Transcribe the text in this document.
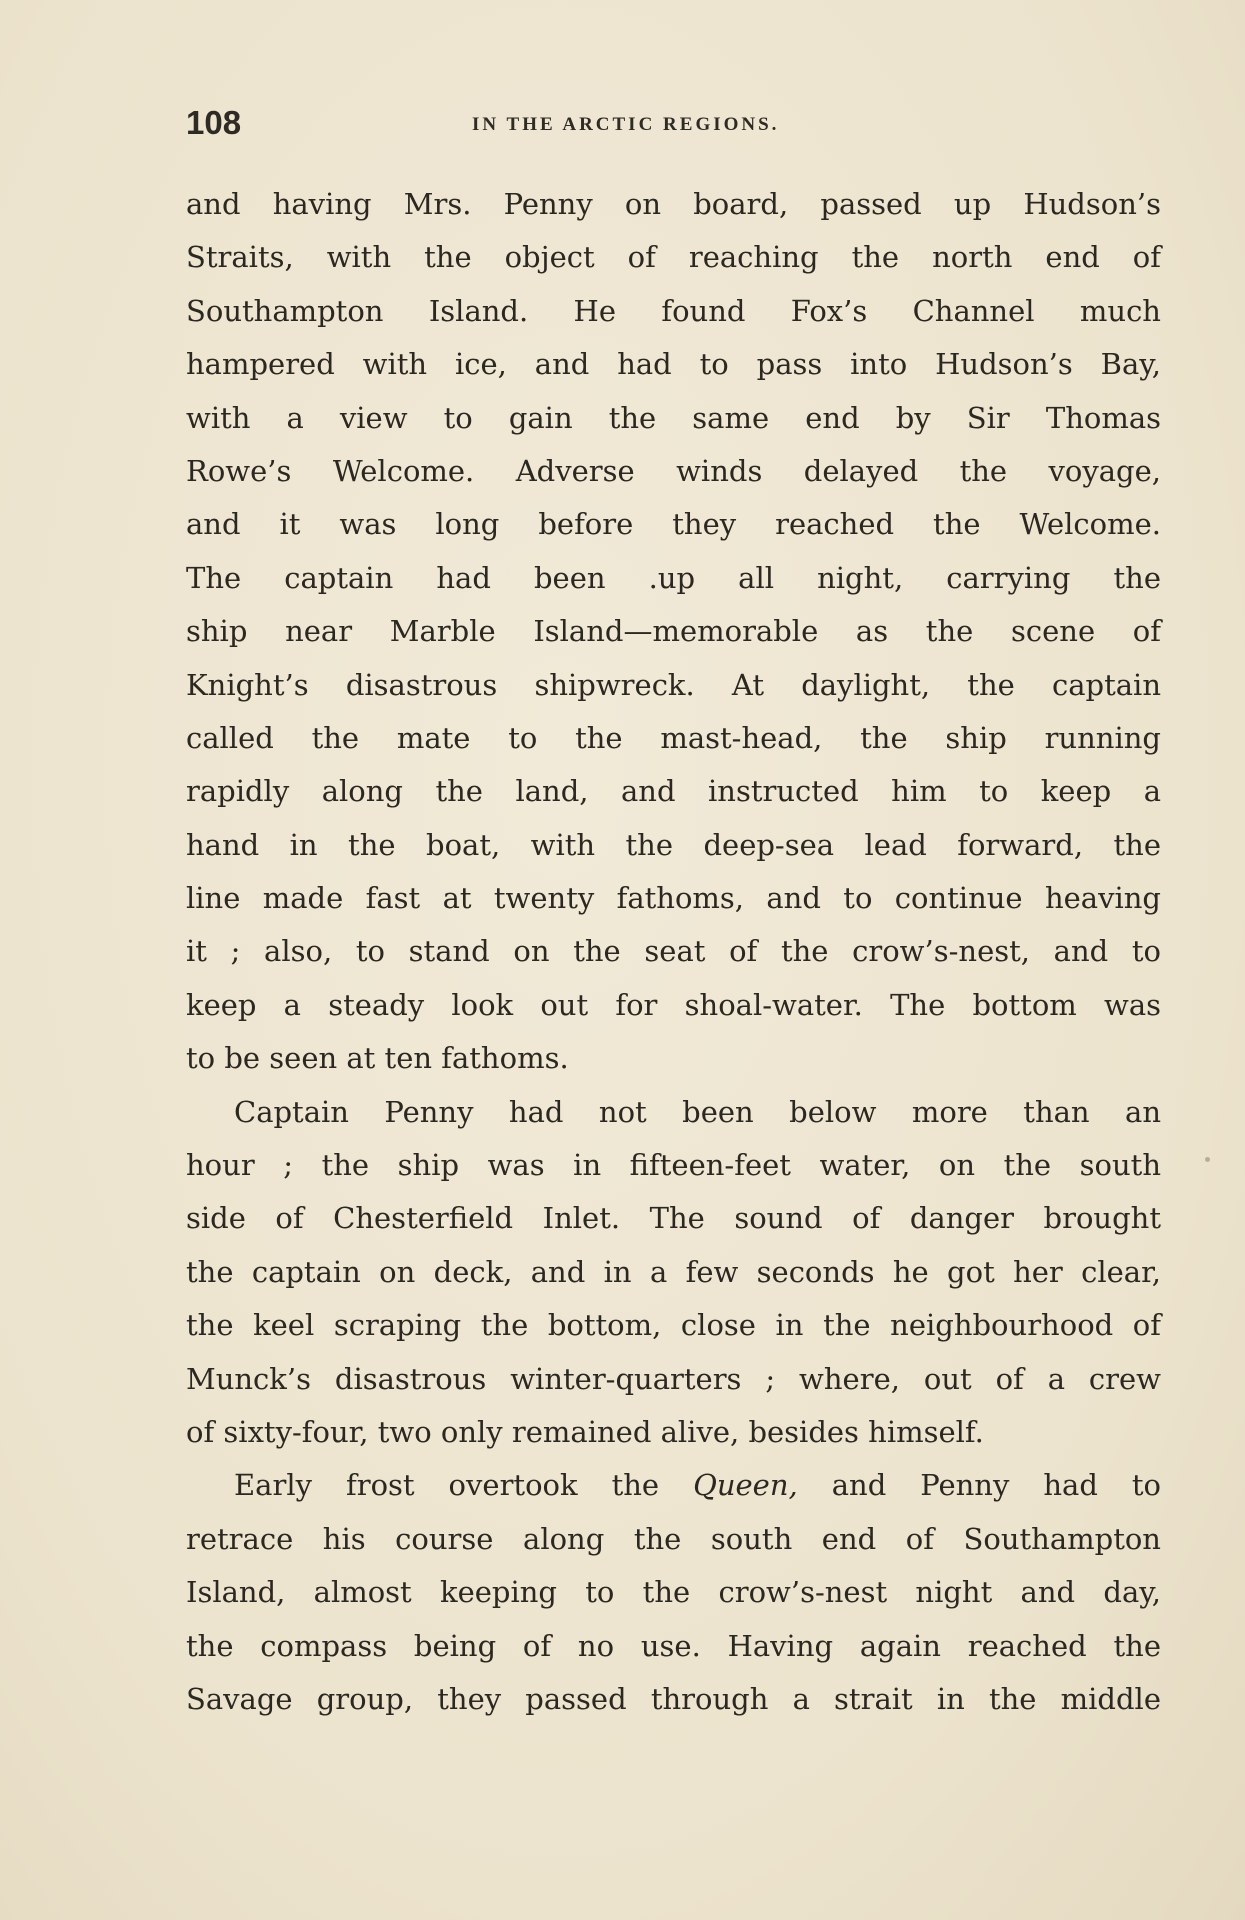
108	IN THE ARCTIC REGIONS.
and having Mrs. Penny on board, passed up Hudson’s
Straits, with the object of reaching the north end of
Southampton Island. He found Fox’s Channel much
hampered with ice, and had to pass into Hudson’s Bay,
with a view to gain the same end by Sir Thomas
Rowe’s Welcome. Adverse winds delayed the voyage,
and it was long before they reached the Welcome.
The captain had been .up all night, carrying the
ship near Marble Island—memorable as the scene of
Knight’s disastrous shipwreck. At daylight, the captain
called the mate to the mast-head, the ship running
rapidly along the land, and instructed him to keep a
hand in the boat, with the deep-sea lead forward, the
line made fast at twenty fathoms, and to continue heaving
it ; also, to stand on the seat of the crow’s-nest, and to
keep a steady look out for shoal-water. The bottom was
to be seen at ten fathoms.
Captain Penny had not been below more than an
hour ; the ship was in fifteen-feet water, on the south
side of Chesterfield Inlet. The sound of danger brought
the captain on deck, and in a few seconds he got her clear,
the keel scraping the bottom, close in the neighbourhood of
Munck’s disastrous winter-quarters ; where, out of a crew
of sixty-four, two only remained alive, besides himself.
Early frost overtook the Queen, and Penny had to
retrace his course along the south end of Southampton
Island, almost keeping to the crow’s-nest night and day,
the compass being of no use. Having again reached the
Savage group, they passed through a strait in the middle
